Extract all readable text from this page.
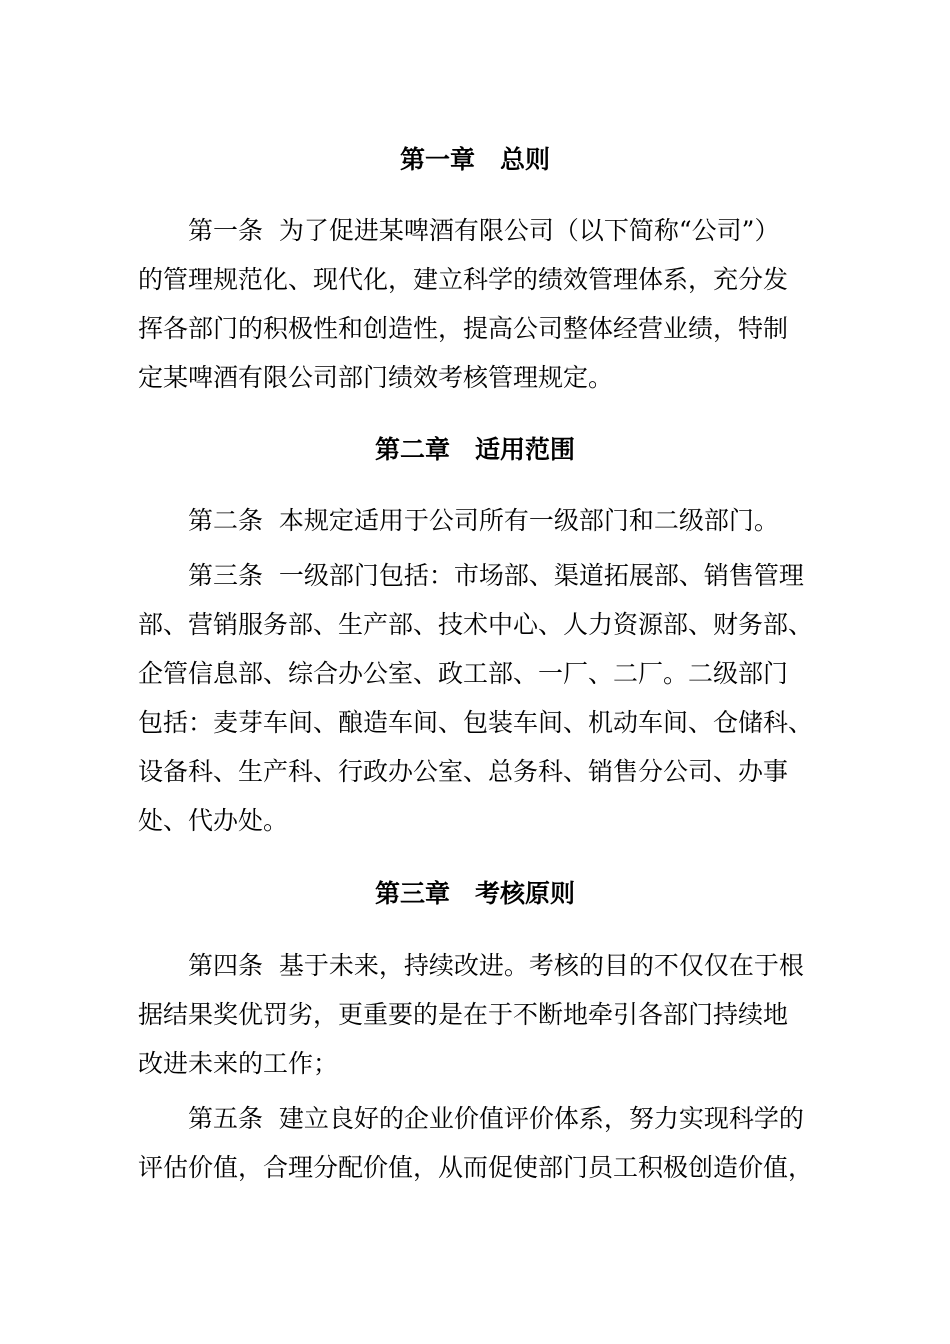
第一章　总则
　　第一条  为了促进某啤酒有限公司（以下简称“公司”）
的管理规范化、现代化，建立科学的绩效管理体系，充分发
挥各部门的积极性和创造性，提高公司整体经营业绩，特制
定某啤酒有限公司部门绩效考核管理规定。
第二章　适用范围
　　第二条  本规定适用于公司所有一级部门和二级部门。
　　第三条  一级部门包括：市场部、渠道拓展部、销售管理
部、营销服务部、生产部、技术中心、人力资源部、财务部、
企管信息部、综合办公室、政工部、一厂、二厂。二级部门
包括：麦芽车间、酿造车间、包装车间、机动车间、仓储科、
设备科、生产科、行政办公室、总务科、销售分公司、办事
处、代办处。
第三章　考核原则
　　第四条  基于未来，持续改进。考核的目的不仅仅在于根
据结果奖优罚劣，更重要的是在于不断地牵引各部门持续地
改进未来的工作；
　　第五条  建立良好的企业价值评价体系，努力实现科学的
评估价值，合理分配价值，从而促使部门员工积极创造价值，
